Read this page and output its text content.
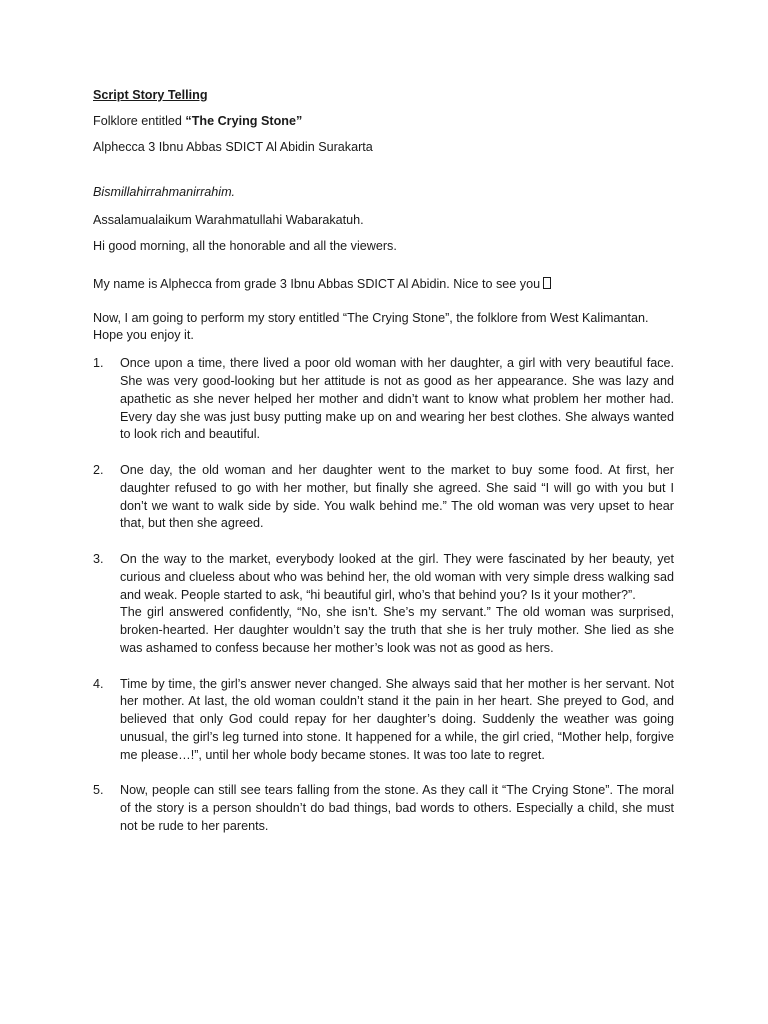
Script Story Telling

Folklore entitled “The Crying Stone”

Alphecca 3 Ibnu Abbas SDICT Al Abidin Surakarta

Bismillahirrahmanirrahim.

Assalamualaikum Warahmatullahi Wabarakatuh.

Hi good morning, all the honorable and all the viewers.

My name is Alphecca from grade 3 Ibnu Abbas SDICT Al Abidin. Nice to see you

Now, I am going to perform my story entitled “The Crying Stone”, the folklore from West Kalimantan. Hope you enjoy it.

1. Once upon a time, there lived a poor old woman with her daughter, a girl with very beautiful face. She was very good-looking but her attitude is not as good as her appearance. She was lazy and apathetic as she never helped her mother and didn’t want to know what problem her mother had. Every day she was just busy putting make up on and wearing her best clothes. She always wanted to look rich and beautiful.
2. One day, the old woman and her daughter went to the market to buy some food. At first, her daughter refused to go with her mother, but finally she agreed. She said “I will go with you but I don’t we want to walk side by side. You walk behind me.” The old woman was very upset to hear that, but then she agreed.
3. On the way to the market, everybody looked at the girl. They were fascinated by her beauty, yet curious and clueless about who was behind her, the old woman with very simple dress walking sad and weak. People started to ask, “hi beautiful girl, who’s that behind you? Is it your mother?”.
The girl answered confidently, “No, she isn’t. She’s my servant.” The old woman was surprised, broken-hearted. Her daughter wouldn’t say the truth that she is her truly mother. She lied as she was ashamed to confess because her mother’s look was not as good as hers.
4. Time by time, the girl’s answer never changed. She always said that her mother is her servant. Not her mother. At last, the old woman couldn’t stand it the pain in her heart. She preyed to God, and believed that only God could repay for her daughter’s doing. Suddenly the weather was going unusual, the girl’s leg turned into stone. It happened for a while, the girl cried, “Mother help, forgive me please…!”, until her whole body became stones. It was too late to regret.
5. Now, people can still see tears falling from the stone. As they call it “The Crying Stone”. The moral of the story is a person shouldn’t do bad things, bad words to others. Especially a child, she must not be rude to her parents.
